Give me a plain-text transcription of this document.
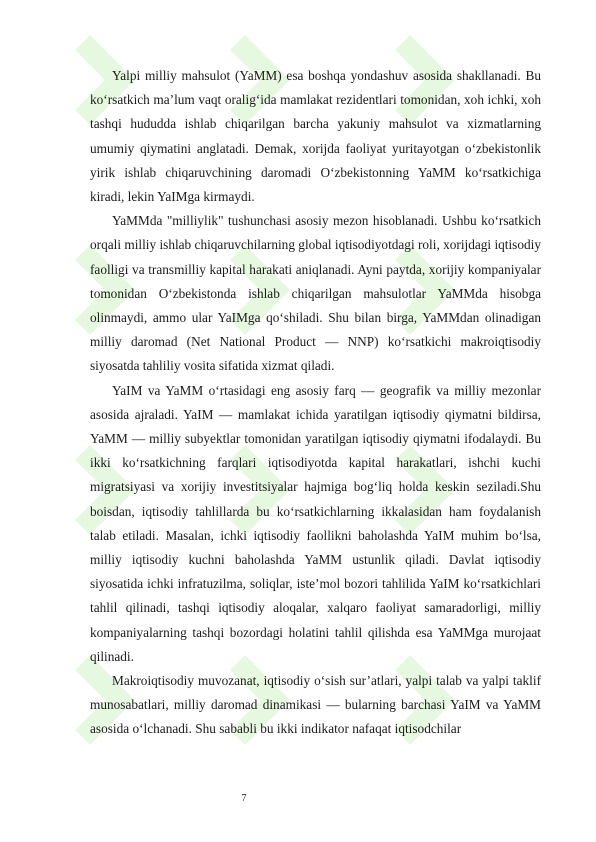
Yalpi milliy mahsulot (YaMM) esa boshqa yondashuv asosida shakllanadi. Bu ko‘rsatkich ma’lum vaqt oralig‘ida mamlakat rezidentlari tomonidan, xoh ichki, xoh tashqi hududda ishlab chiqarilgan barcha yakuniy mahsulot va xizmatlarning umumiy qiymatini anglatadi. Demak, xorijda faoliyat yuritayotgan o‘zbekistonlik yirik ishlab chiqaruvchining daromadi O‘zbekistonning YaMM ko‘rsatkichiga kiradi, lekin YaIMga kirmaydi.

YaMMda "milliylik" tushunchasi asosiy mezon hisoblanadi. Ushbu ko‘rsatkich orqali milliy ishlab chiqaruvchilarning global iqtisodiyotdagi roli, xorijdagi iqtisodiy faolligi va transmilliy kapital harakati aniqlanadi. Ayni paytda, xorijiy kompaniyalar tomonidan O‘zbekistonda ishlab chiqarilgan mahsulotlar YaMMda hisobga olinmaydi, ammo ular YaIMga qo‘shiladi. Shu bilan birga, YaMMdan olinadigan milliy daromad (Net National Product — NNP) ko‘rsatkichi makroiqtisodiy siyosatda tahliliy vosita sifatida xizmat qiladi.

YaIM va YaMM o‘rtasidagi eng asosiy farq — geografik va milliy mezonlar asosida ajraladi. YaIM — mamlakat ichida yaratilgan iqtisodiy qiymatni bildirsa, YaMM — milliy subyektlar tomonidan yaratilgan iqtisodiy qiymatni ifodalaydi. Bu ikki ko‘rsatkichning farqlari iqtisodiyotda kapital harakatlari, ishchi kuchi migratsiyasi va xorijiy investitsiyalar hajmiga bog‘liq holda keskin seziladi.Shu boisdan, iqtisodiy tahlillarda bu ko‘rsatkichlarning ikkalasidan ham foydalanish talab etiladi. Masalan, ichki iqtisodiy faollikni baholashda YaIM muhim bo‘lsa, milliy iqtisodiy kuchni baholashda YaMM ustunlik qiladi. Davlat iqtisodiy siyosatida ichki infratuzilma, soliqlar, iste’mol bozori tahlilida YaIM ko‘rsatkichlari tahlil qilinadi, tashqi iqtisodiy aloqalar, xalqaro faoliyat samaradorligi, milliy kompaniyalarning tashqi bozordagi holatini tahlil qilishda esa YaMMga murojaat qilinadi.

Makroiqtisodiy muvozanat, iqtisodiy o‘sish sur’atlari, yalpi talab va yalpi taklif munosabatlari, milliy daromad dinamikasi — bularning barchasi YaIM va YaMM asosida o‘lchanadi. Shu sababli bu ikki indikator nafaqat iqtisodchilar

7
